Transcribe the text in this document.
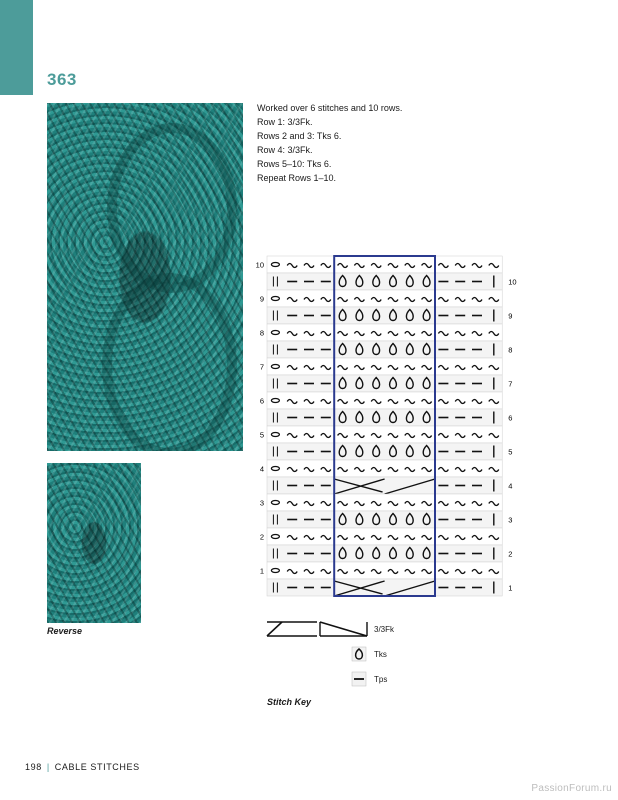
363
Reverse
Worked over 6 stitches and 10 rows.
Row 1: 3/3Fk.
Rows 2 and 3: Tks 6.
Row 4: 3/3Fk.
Rows 5–10: Tks 6.
Repeat Rows 1–10.
10
9
8
7
6
5
4
3
2
1
10
9
8
7
6
5
4
3
2
1
3/3Fk
Tks
Tps
Stitch Key
198 | CABLE STITCHES
PassionForum.ru
